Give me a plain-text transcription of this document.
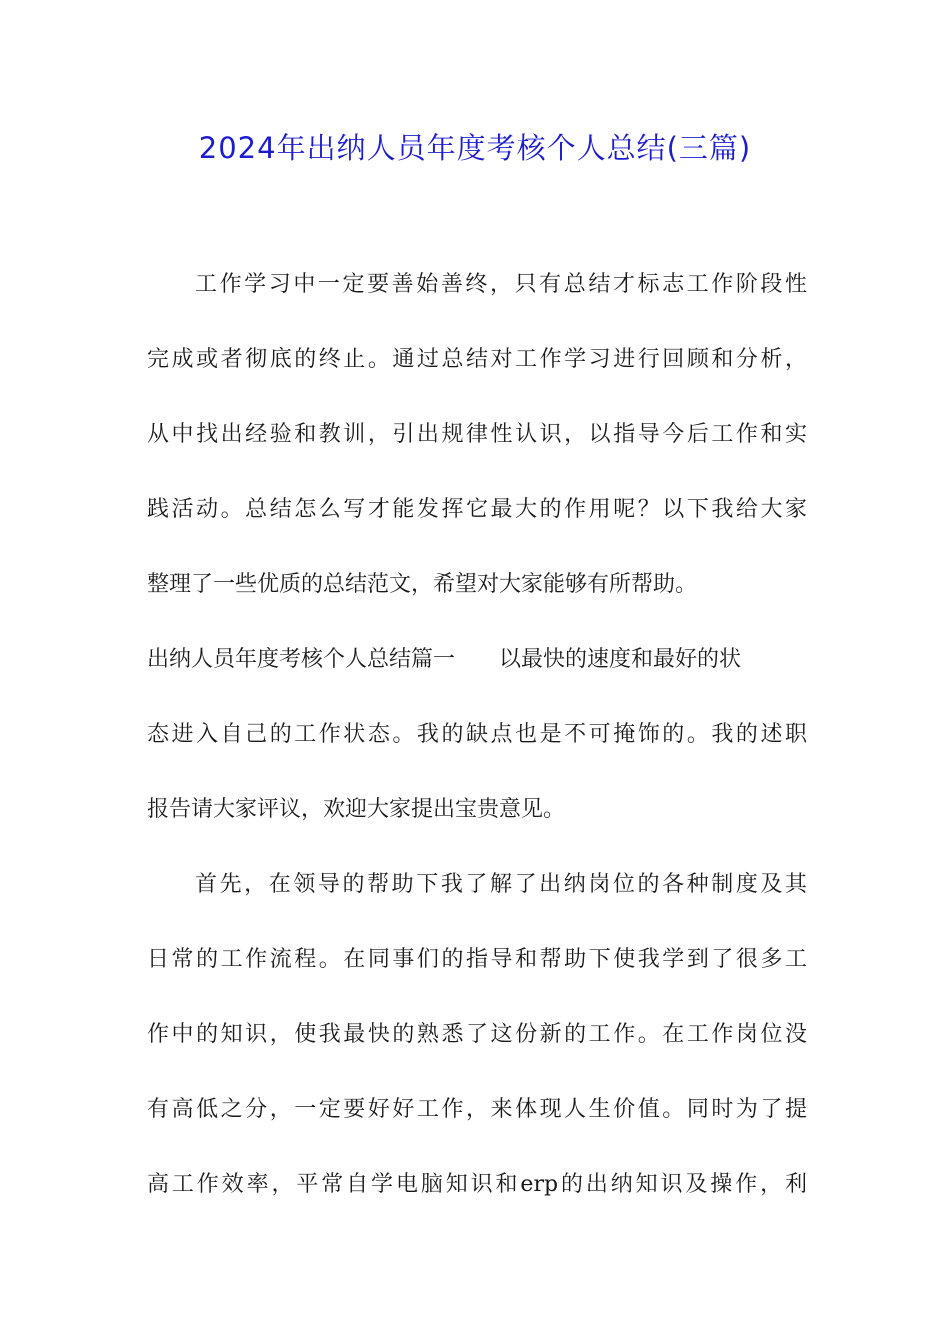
2024年出纳人员年度考核个人总结(三篇)
工作学习中一定要善始善终，只有总结才标志工作阶段性
完成或者彻底的终止。通过总结对工作学习进行回顾和分析，
从中找出经验和教训，引出规律性认识，以指导今后工作和实
践活动。总结怎么写才能发挥它最大的作用呢？以下我给大家
整理了一些优质的总结范文，希望对大家能够有所帮助。
出纳人员年度考核个人总结篇一 以最快的速度和最好的状
态进入自己的工作状态。我的缺点也是不可掩饰的。我的述职
报告请大家评议，欢迎大家提出宝贵意见。
首先，在领导的帮助下我了解了出纳岗位的各种制度及其
日常的工作流程。在同事们的指导和帮助下使我学到了很多工
作中的知识，使我最快的熟悉了这份新的工作。在工作岗位没
有高低之分，一定要好好工作，来体现人生价值。同时为了提
高工作效率，平常自学电脑知识和erp的出纳知识及操作，利
